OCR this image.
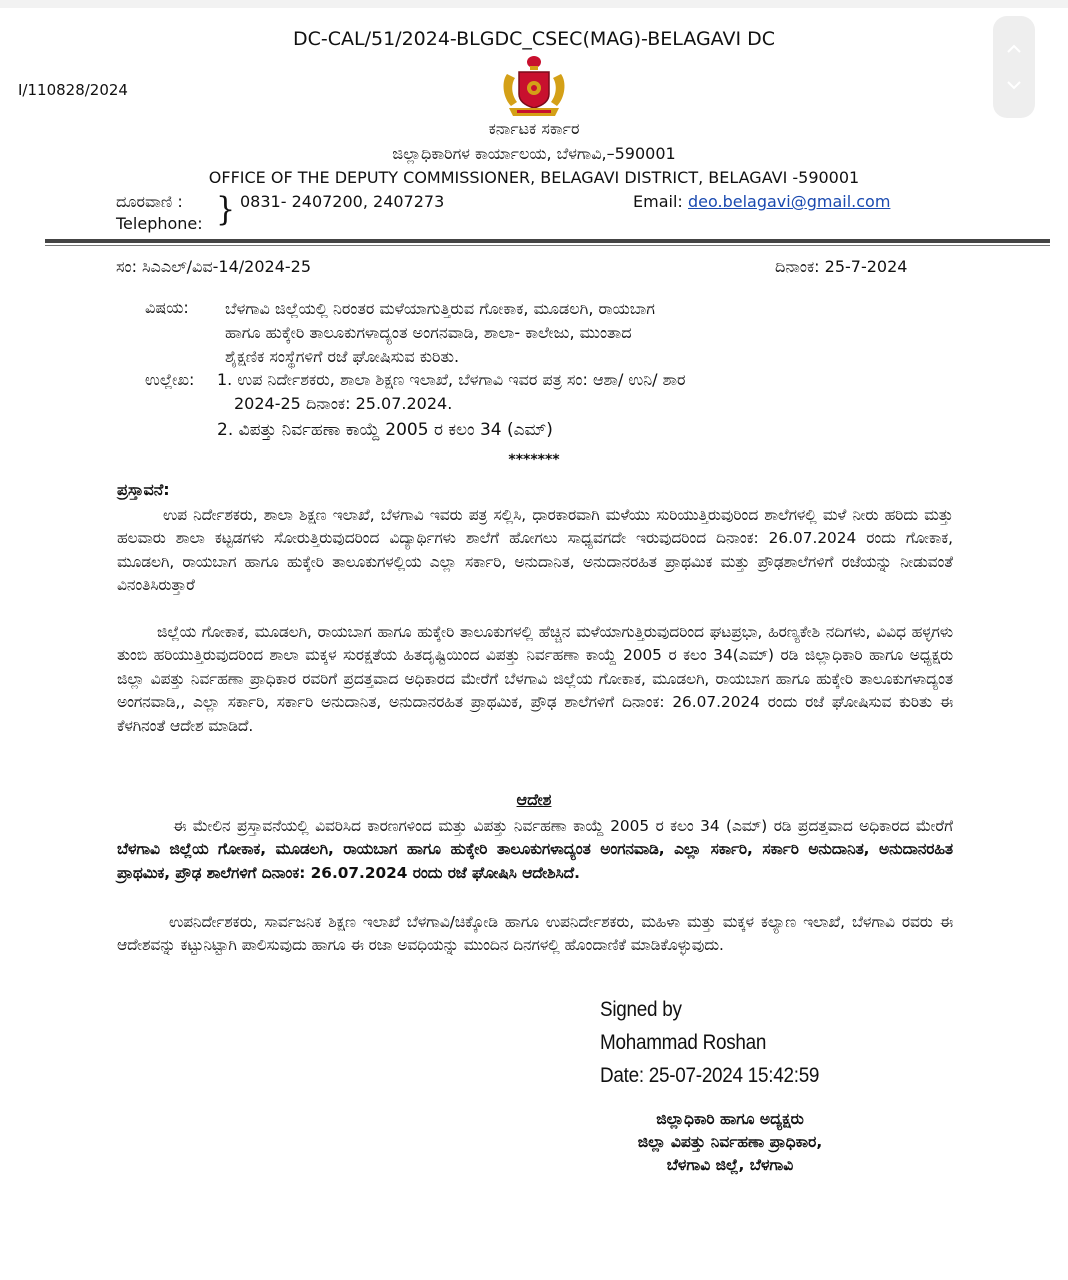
DC-CAL/51/2024-BLGDC_CSEC(MAG)-BELAGAVI DC
I/110828/2024
ಕರ್ನಾಟಕ ಸರ್ಕಾರ
ಜಿಲ್ಲಾಧಿಕಾರಿಗಳ ಕಾರ್ಯಾಲಯ, ಬೆಳಗಾವಿ,–590001
OFFICE OF THE DEPUTY COMMISSIONER, BELAGAVI DISTRICT, BELAGAVI -590001
ದೂರವಾಣಿ :
Telephone: } 0831- 2407200, 2407273	Email: deo.belagavi@gmail.com
ಸಂ: ಸಿಎಎಲ್/ವಿವ-14/2024-25	ದಿನಾಂಕ: 25-7-2024
ವಿಷಯ: ಬೆಳಗಾವಿ ಜಿಲ್ಲೆಯಲ್ಲಿ ನಿರಂತರ ಮಳೆಯಾಗುತ್ತಿರುವ ಗೋಕಾಕ, ಮೂಡಲಗಿ, ರಾಯಬಾಗ
ಹಾಗೂ ಹುಕ್ಕೇರಿ ತಾಲೂಕುಗಳಾದ್ಯಂತ ಅಂಗನವಾಡಿ, ಶಾಲಾ- ಕಾಲೇಜು, ಮುಂತಾದ
ಶೈಕ್ಷಣಿಕ ಸಂಸ್ಥೆಗಳಿಗೆ ರಜೆ ಘೋಷಿಸುವ ಕುರಿತು.
ಉಲ್ಲೇಖ: 1. ಉಪ ನಿರ್ದೇಶಕರು, ಶಾಲಾ ಶಿಕ್ಷಣ ಇಲಾಖೆ, ಬೆಳಗಾವಿ ಇವರ ಪತ್ರ ಸಂ: ಆಶಾ/ ಉನಿ/ ಶಾರ
2024-25 ದಿನಾಂಕ: 25.07.2024.
2. ವಿಪತ್ತು ನಿರ್ವಹಣಾ ಕಾಯ್ದೆ 2005 ರ ಕಲಂ 34 (ಎಮ್)
*******
ಪ್ರಸ್ತಾವನೆ:
ಉಪ ನಿರ್ದೇಶಕರು, ಶಾಲಾ ಶಿಕ್ಷಣ ಇಲಾಖೆ, ಬೆಳಗಾವಿ ಇವರು ಪತ್ರ ಸಲ್ಲಿಸಿ, ಧಾರಕಾರವಾಗಿ ಮಳೆಯು ಸುರಿಯುತ್ತಿರುವುರಿಂದ ಶಾಲೆಗಳಲ್ಲಿ ಮಳೆ ನೀರು ಹರಿದು ಮತ್ತು ಹಲವಾರು ಶಾಲಾ ಕಟ್ಟಡಗಳು ಸೋರುತ್ತಿರುವುದರಿಂದ ವಿದ್ಯಾರ್ಥಿಗಳು ಶಾಲೆಗೆ ಹೋಗಲು ಸಾಧ್ಯವಗದೇ ಇರುವುದರಿಂದ ದಿನಾಂಕ: 26.07.2024 ರಂದು ಗೋಕಾಕ, ಮೂಡಲಗಿ, ರಾಯಬಾಗ ಹಾಗೂ ಹುಕ್ಕೇರಿ ತಾಲೂಕುಗಳಲ್ಲಿಯ ಎಲ್ಲಾ ಸರ್ಕಾರಿ, ಅನುದಾನಿತ, ಅನುದಾನರಹಿತ ಪ್ರಾಥಮಿಕ ಮತ್ತು ಪ್ರೌಢಶಾಲೆಗಳಿಗೆ ರಜೆಯನ್ನು ನೀಡುವಂತೆ ವಿನಂತಿಸಿರುತ್ತಾರೆ
ಜಿಲ್ಲೆಯ ಗೋಕಾಕ, ಮೂಡಲಗಿ, ರಾಯಬಾಗ ಹಾಗೂ ಹುಕ್ಕೇರಿ ತಾಲೂಕುಗಳಲ್ಲಿ ಹೆಚ್ಚಿನ ಮಳೆಯಾಗುತ್ತಿರುವುದರಿಂದ ಘಟಪ್ರಭಾ, ಹಿರಣ್ಯಕೇಶಿ ನದಿಗಳು, ವಿವಿಧ ಹಳ್ಳಗಳು ತುಂಬಿ ಹರಿಯುತ್ತಿರುವುದರಿಂದ ಶಾಲಾ ಮಕ್ಕಳ ಸುರಕ್ಷತೆಯ ಹಿತದೃಷ್ಟಿಯಿಂದ ವಿಪತ್ತು ನಿರ್ವಹಣಾ ಕಾಯ್ದೆ 2005 ರ ಕಲಂ 34(ಎಮ್) ರಡಿ ಜಿಲ್ಲಾಧಿಕಾರಿ ಹಾಗೂ ಅಧ್ಯಕ್ಷರು ಜಿಲ್ಲಾ ವಿಪತ್ತು ನಿರ್ವಹಣಾ ಪ್ರಾಧಿಕಾರ ರವರಿಗೆ ಪ್ರದತ್ತವಾದ ಅಧಿಕಾರದ ಮೇರೆಗೆ ಬೆಳಗಾವಿ ಜಿಲ್ಲೆಯ ಗೋಕಾಕ, ಮೂಡಲಗಿ, ರಾಯಬಾಗ ಹಾಗೂ ಹುಕ್ಕೇರಿ ತಾಲೂಕುಗಳಾದ್ಯಂತ ಅಂಗನವಾಡಿ,, ಎಲ್ಲಾ ಸರ್ಕಾರಿ, ಸರ್ಕಾರಿ ಅನುದಾನಿತ, ಅನುದಾನರಹಿತ ಪ್ರಾಥಮಿಕ, ಪ್ರೌಢ ಶಾಲೆಗಳಿಗೆ ದಿನಾಂಕ: 26.07.2024 ರಂದು ರಜೆ ಘೋಷಿಸುವ ಕುರಿತು ಈ ಕೆಳಗಿನಂತೆ ಆದೇಶ ಮಾಡಿದೆ.
ಆದೇಶ
ಈ ಮೇಲಿನ ಪ್ರಸ್ತಾವನೆಯಲ್ಲಿ ವಿವರಿಸಿದ ಕಾರಣಗಳಿಂದ ಮತ್ತು ವಿಪತ್ತು ನಿರ್ವಹಣಾ ಕಾಯ್ದೆ 2005 ರ ಕಲಂ 34 (ಎಮ್) ರಡಿ ಪ್ರದತ್ತವಾದ ಅಧಿಕಾರದ ಮೇರೆಗೆ ಬೆಳಗಾವಿ ಜಿಲ್ಲೆಯ ಗೋಕಾಕ, ಮೂಡಲಗಿ, ರಾಯಬಾಗ ಹಾಗೂ ಹುಕ್ಕೇರಿ ತಾಲೂಕುಗಳಾದ್ಯಂತ ಅಂಗನವಾಡಿ, ಎಲ್ಲಾ ಸರ್ಕಾರಿ, ಸರ್ಕಾರಿ ಅನುದಾನಿತ, ಅನುದಾನರಹಿತ ಪ್ರಾಥಮಿಕ, ಪ್ರೌಢ ಶಾಲೆಗಳಿಗೆ ದಿನಾಂಕ: 26.07.2024 ರಂದು ರಜೆ ಘೋಷಿಸಿ ಆದೇಶಿಸಿದೆ.
ಉಪನಿರ್ದೇಶಕರು, ಸಾರ್ವಜನಿಕ ಶಿಕ್ಷಣ ಇಲಾಖೆ ಬೆಳಗಾವಿ/ಚಿಕ್ಕೋಡಿ ಹಾಗೂ ಉಪನಿರ್ದೇಶಕರು, ಮಹಿಳಾ ಮತ್ತು ಮಕ್ಕಳ ಕಲ್ಯಾಣ ಇಲಾಖೆ, ಬೆಳಗಾವಿ ರವರು ಈ ಆದೇಶವನ್ನು ಕಟ್ಟುನಿಟ್ಟಾಗಿ ಪಾಲಿಸುವುದು ಹಾಗೂ ಈ ರಜಾ ಅವಧಿಯನ್ನು ಮುಂದಿನ ದಿನಗಳಲ್ಲಿ ಹೊಂದಾಣಿಕೆ ಮಾಡಿಕೊಳ್ಳುವುದು.
Signed by
Mohammad Roshan
Date: 25-07-2024 15:42:59
ಜಿಲ್ಲಾಧಿಕಾರಿ ಹಾಗೂ ಅದ್ಯಕ್ಷರು
ಜಿಲ್ಲಾ ವಿಪತ್ತು ನಿರ್ವಹಣಾ ಪ್ರಾಧಿಕಾರ,
ಬೆಳಗಾವಿ ಜಿಲ್ಲೆ, ಬೆಳಗಾವಿ
